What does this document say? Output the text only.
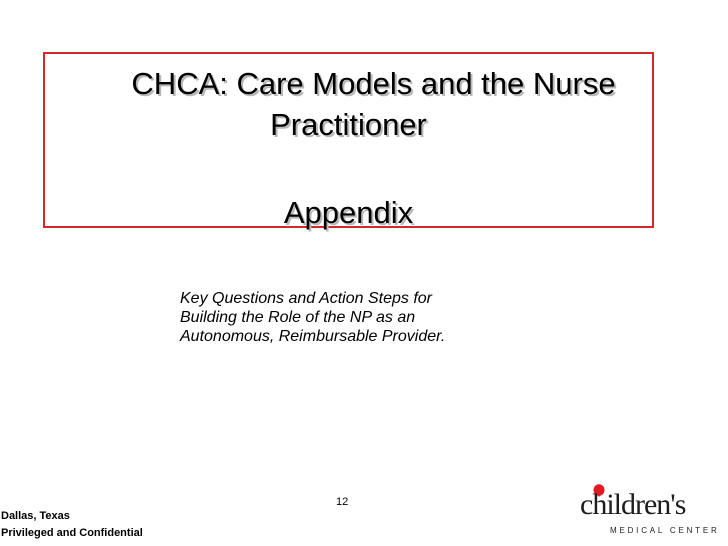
CHCA: Care Models and the Nurse
Practitioner
Appendix
Key Questions and Action Steps for
Building the Role of the NP as an
Autonomous, Reimbursable Provider.
12
Dallas, Texas
Privileged and Confidential
children's
MEDICAL CENTER
